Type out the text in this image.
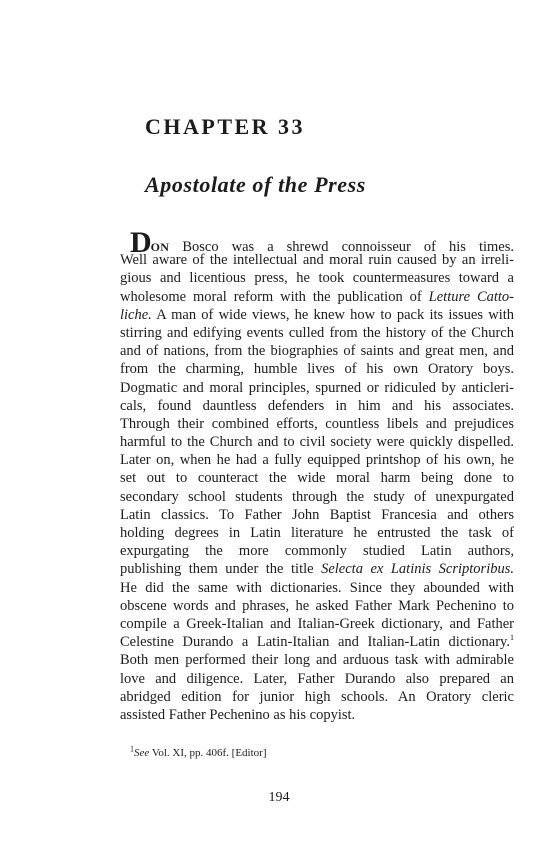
CHAPTER 33
Apostolate of the Press
DON Bosco was a shrewd connoisseur of his times.
Well aware of the intellectual and moral ruin caused by an irreli-
gious and licentious press, he took countermeasures toward a
wholesome moral reform with the publication of Letture Catto-
liche. A man of wide views, he knew how to pack its issues with
stirring and edifying events culled from the history of the Church
and of nations, from the biographies of saints and great men, and
from the charming, humble lives of his own Oratory boys.
Dogmatic and moral principles, spurned or ridiculed by anticleri-
cals, found dauntless defenders in him and his associates.
Through their combined efforts, countless libels and prejudices
harmful to the Church and to civil society were quickly dispelled.
Later on, when he had a fully equipped printshop of his own, he
set out to counteract the wide moral harm being done to
secondary school students through the study of unexpurgated
Latin classics. To Father John Baptist Francesia and others
holding degrees in Latin literature he entrusted the task of
expurgating the more commonly studied Latin authors,
publishing them under the title Selecta ex Latinis Scriptoribus.
He did the same with dictionaries. Since they abounded with
obscene words and phrases, he asked Father Mark Pechenino to
compile a Greek-Italian and Italian-Greek dictionary, and Father
Celestine Durando a Latin-Italian and Italian-Latin dictionary.$^1$
Both men performed their long and arduous task with admirable
love and diligence. Later, Father Durando also prepared an
abridged edition for junior high schools. An Oratory cleric
assisted Father Pechenino as his copyist.

$^1$See Vol. XI, pp. 406f. [Editor]

194
